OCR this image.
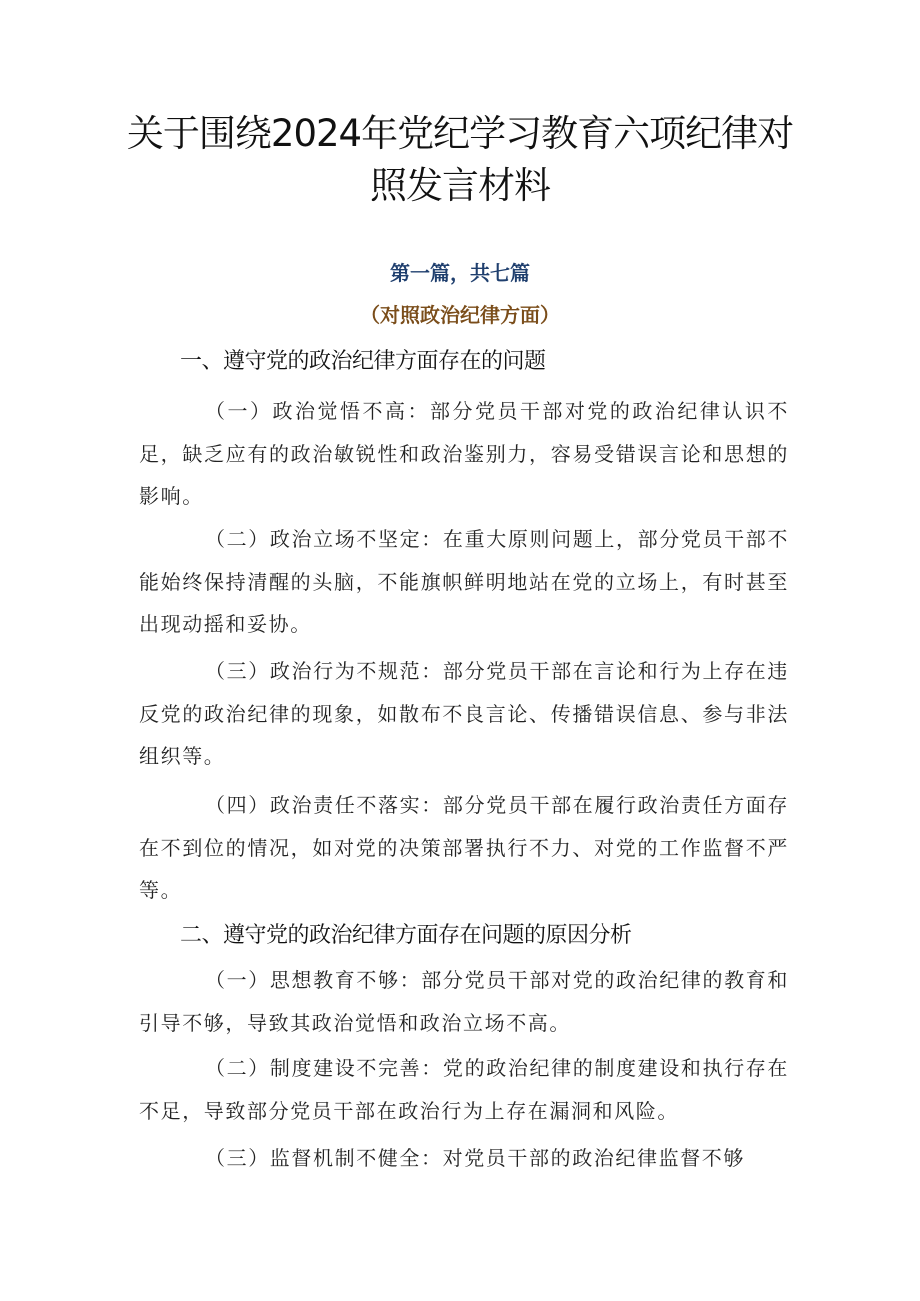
关于围绕2024年党纪学习教育六项纪律对照发言材料

第一篇，共七篇

（对照政治纪律方面）

一、遵守党的政治纪律方面存在的问题

（一）政治觉悟不高：部分党员干部对党的政治纪律认识不足，缺乏应有的政治敏锐性和政治鉴别力，容易受错误言论和思想的影响。

（二）政治立场不坚定：在重大原则问题上，部分党员干部不能始终保持清醒的头脑，不能旗帜鲜明地站在党的立场上，有时甚至出现动摇和妥协。

（三）政治行为不规范：部分党员干部在言论和行为上存在违反党的政治纪律的现象，如散布不良言论、传播错误信息、参与非法组织等。

（四）政治责任不落实：部分党员干部在履行政治责任方面存在不到位的情况，如对党的决策部署执行不力、对党的工作监督不严等。

二、遵守党的政治纪律方面存在问题的原因分析

（一）思想教育不够：部分党员干部对党的政治纪律的教育和引导不够，导致其政治觉悟和政治立场不高。

（二）制度建设不完善：党的政治纪律的制度建设和执行存在不足，导致部分党员干部在政治行为上存在漏洞和风险。

（三）监督机制不健全：对党员干部的政治纪律监督不够
